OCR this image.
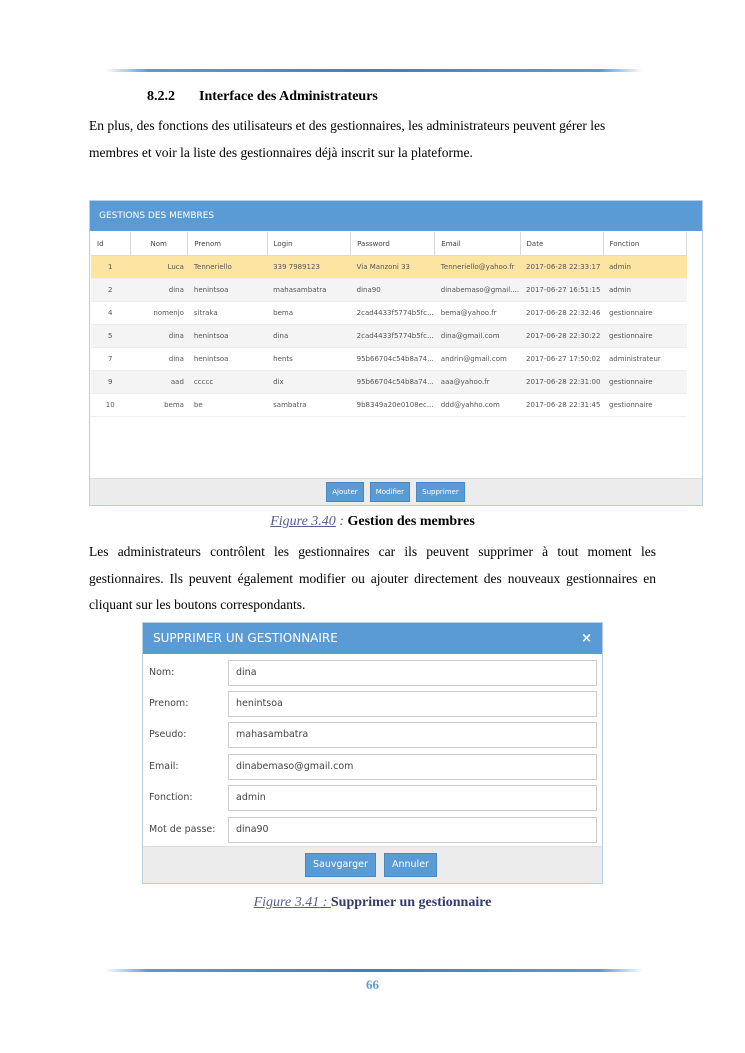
8.2.2 Interface des Administrateurs
En plus, des fonctions des utilisateurs et des gestionnaires, les administrateurs peuvent gérer les membres et voir la liste des gestionnaires déjà inscrit sur la plateforme.
GESTIONS DES MEMBRES
Id	Nom	Prenom	Login	Password	Email	Date	Fonction
1	Luca	Tenneriello	339 7989123	Via Manzoni 33	Tenneriello@yahoo.fr	2017-06-28 22:33:17	admin
2	dina	henintsoa	mahasambatra	dina90	dinabemaso@gmail....	2017-06-27 16:51:15	admin
4	nomenjo	sitraka	bema	2cad4433f5774b5fc...	bema@yahoo.fr	2017-06-28 22:32:46	gestionnaire
5	dina	henintsoa	dina	2cad4433f5774b5fc...	dina@gmail.com	2017-06-28 22:30:22	gestionnaire
7	dina	henintsoa	hents	95b66704c54b8a74...	andrin@gmail.com	2017-06-27 17:50:02	administrateur
9	aad	ccccc	dix	95b66704c54b8a74...	aaa@yahoo.fr	2017-06-28 22:31:00	gestionnaire
10	bema	be	sambatra	9b8349a20e0108ec...	ddd@yahho.com	2017-06-28 22:31:45	gestionnaire
Ajouter	Modifier	Supprimer
Figure 3.40 : Gestion des membres
Les administrateurs contrôlent les gestionnaires car ils peuvent supprimer à tout moment les gestionnaires. Ils peuvent également modifier ou ajouter directement des nouveaux gestionnaires en cliquant sur les boutons correspondants.
SUPPRIMER UN GESTIONNAIRE	×
Nom:	dina
Prenom:	henintsoa
Pseudo:	mahasambatra
Email:	dinabemaso@gmail.com
Fonction:	admin
Mot de passe:	dina90
Sauvgarger	Annuler
Figure 3.41 : Supprimer un gestionnaire
66
